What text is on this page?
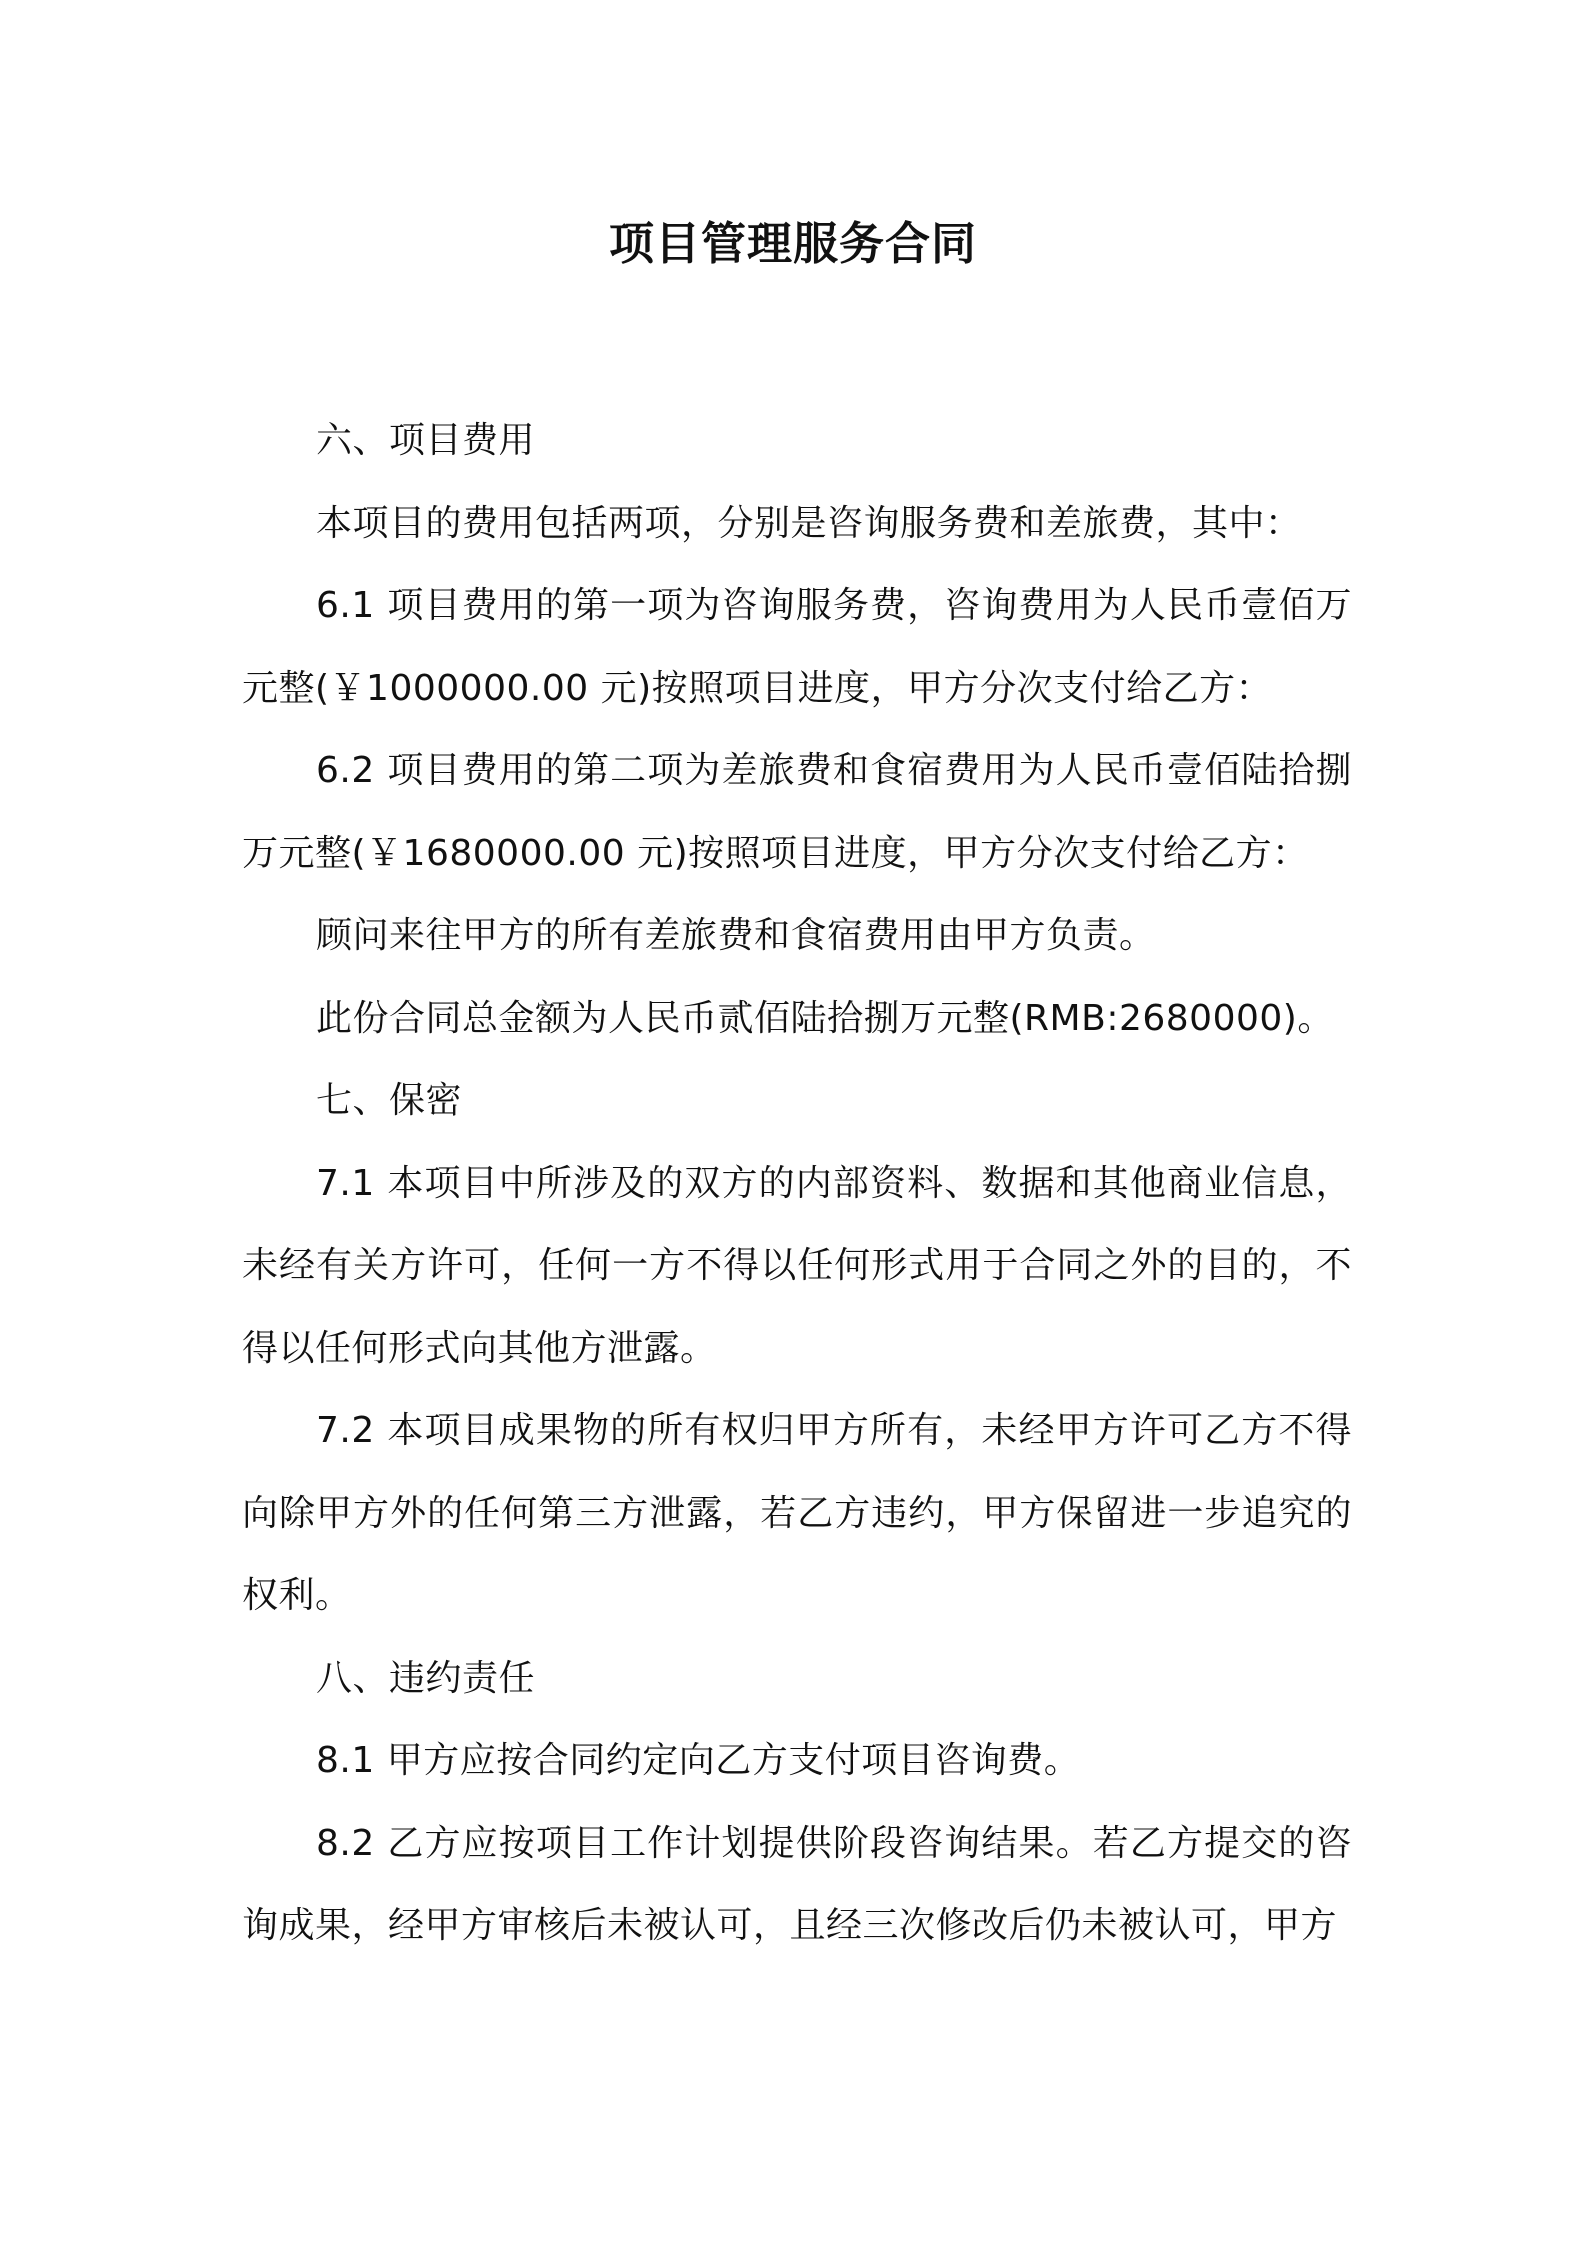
项目管理服务合同

六、项目费用

本项目的费用包括两项，分别是咨询服务费和差旅费，其中：

6.1 项目费用的第一项为咨询服务费，咨询费用为人民币壹佰万元整(￥1000000.00 元)按照项目进度，甲方分次支付给乙方：

6.2 项目费用的第二项为差旅费和食宿费用为人民币壹佰陆拾捌万元整(￥1680000.00 元)按照项目进度，甲方分次支付给乙方：

顾问来往甲方的所有差旅费和食宿费用由甲方负责。

此份合同总金额为人民币贰佰陆拾捌万元整(RMB:2680000)。

七、保密

7.1 本项目中所涉及的双方的内部资料、数据和其他商业信息，未经有关方许可，任何一方不得以任何形式用于合同之外的目的，不得以任何形式向其他方泄露。

7.2 本项目成果物的所有权归甲方所有，未经甲方许可乙方不得向除甲方外的任何第三方泄露，若乙方违约，甲方保留进一步追究的权利。

八、违约责任

8.1 甲方应按合同约定向乙方支付项目咨询费。

8.2 乙方应按项目工作计划提供阶段咨询结果。若乙方提交的咨询成果，经甲方审核后未被认可，且经三次修改后仍未被认可，甲方
